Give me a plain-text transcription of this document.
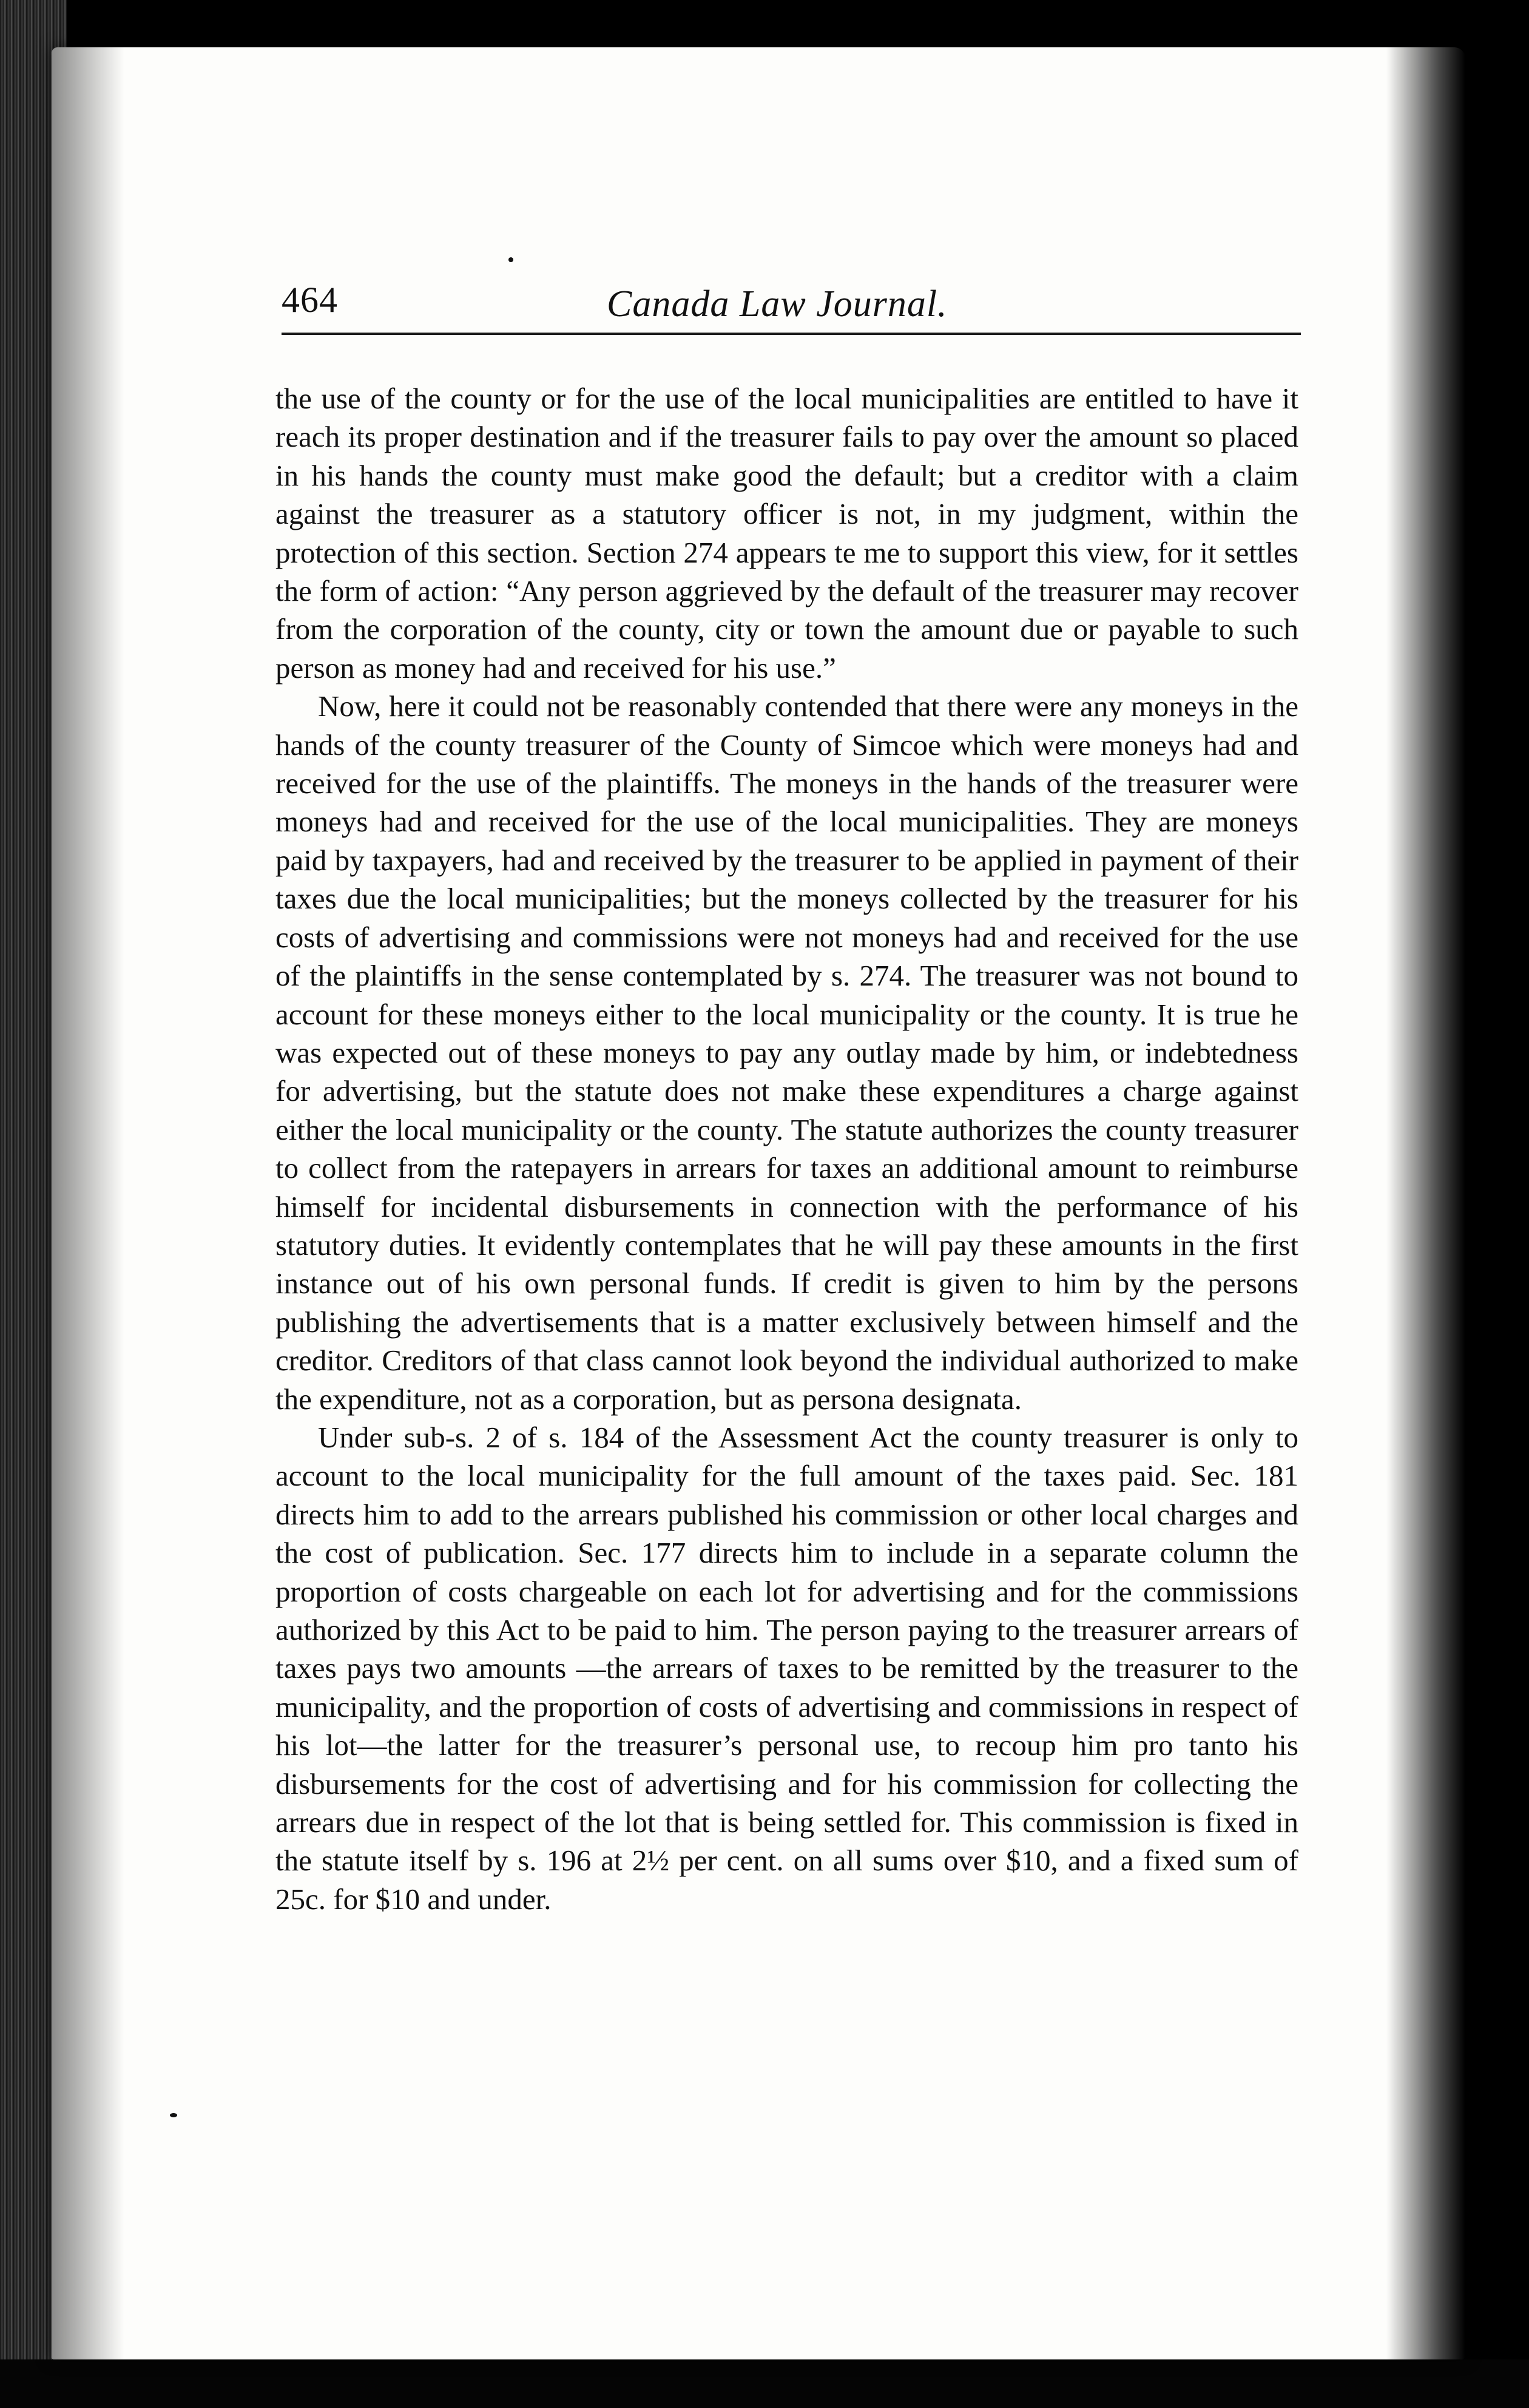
464	Canada Law Journal.

the use of the county or for the use of the local municipalities are entitled to have it reach its proper destination and if the treasurer fails to pay over the amount so placed in his hands the county must make good the default; but a creditor with a claim against the treasurer as a statutory officer is not, in my judgment, within the protection of this section. Section 274 appears te me to support this view, for it settles the form of action: “Any person aggrieved by the default of the treasurer may recover from the corporation of the county, city or town the amount due or payable to such person as money had and received for his use.”

Now, here it could not be reasonably contended that there were any moneys in the hands of the county treasurer of the County of Simcoe which were moneys had and received for the use of the plaintiffs. The moneys in the hands of the treasurer were moneys had and received for the use of the local municipalities. They are moneys paid by taxpayers, had and received by the treasurer to be applied in payment of their taxes due the local municipalities; but the moneys collected by the treasurer for his costs of advertising and commissions were not moneys had and received for the use of the plaintiffs in the sense contemplated by s. 274. The treasurer was not bound to account for these moneys either to the local municipality or the county. It is true he was expected out of these moneys to pay any outlay made by him, or indebtedness for advertising, but the statute does not make these expenditures a charge against either the local municipality or the county. The statute authorizes the county treasurer to collect from the ratepayers in arrears for taxes an additional amount to reimburse himself for incidental disbursements in connection with the performance of his statutory duties. It evidently contemplates that he will pay these amounts in the first instance out of his own personal funds. If credit is given to him by the persons publishing the advertisements that is a matter exclusively between himself and the creditor. Creditors of that class cannot look beyond the individual authorized to make the expenditure, not as a corporation, but as persona designata.

Under sub-s. 2 of s. 184 of the Assessment Act the county treasurer is only to account to the local municipality for the full amount of the taxes paid. Sec. 181 directs him to add to the arrears published his commission or other local charges and the cost of publication. Sec. 177 directs him to include in a separate column the proportion of costs chargeable on each lot for advertising and for the commissions authorized by this Act to be paid to him. The person paying to the treasurer arrears of taxes pays two amounts —the arrears of taxes to be remitted by the treasurer to the municipality, and the proportion of costs of advertising and commissions in respect of his lot—the latter for the treasurer’s personal use, to recoup him pro tanto his disbursements for the cost of advertising and for his commission for collecting the arrears due in respect of the lot that is being settled for. This commission is fixed in the statute itself by s. 196 at 2½ per cent. on all sums over $10, and a fixed sum of 25c. for $10 and under.
